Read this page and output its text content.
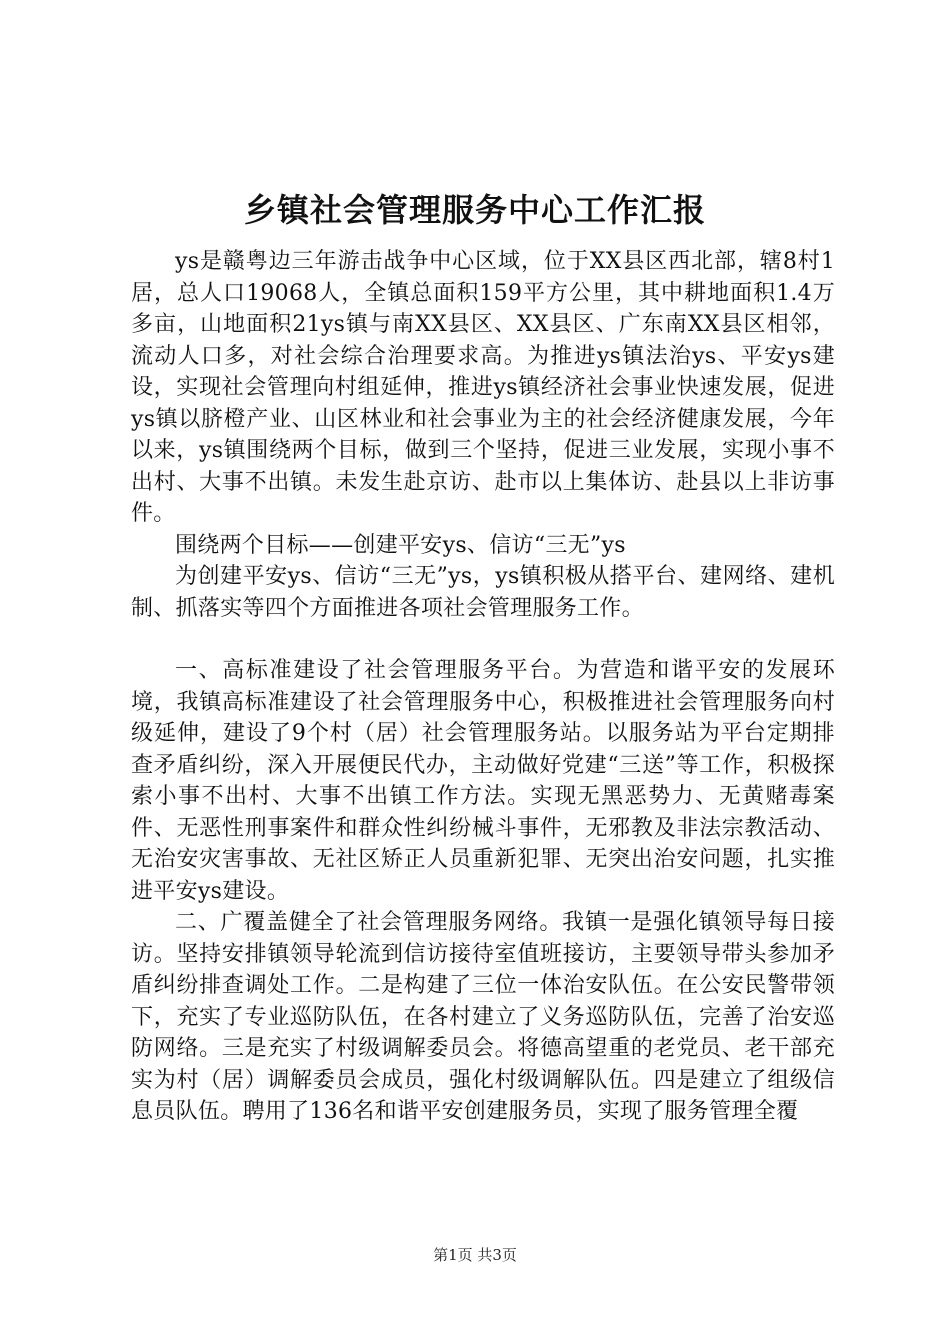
乡镇社会管理服务中心工作汇报

ys是赣粤边三年游击战争中心区域，位于XX县区西北部，辖8村1居，总人口19068人，全镇总面积159平方公里，其中耕地面积1.4万多亩，山地面积21ys镇与南XX县区、XX县区、广东南XX县区相邻，流动人口多，对社会综合治理要求高。为推进ys镇法治ys、平安ys建设，实现社会管理向村组延伸，推进ys镇经济社会事业快速发展，促进ys镇以脐橙产业、山区林业和社会事业为主的社会经济健康发展，今年以来，ys镇围绕两个目标，做到三个坚持，促进三业发展，实现小事不出村、大事不出镇。未发生赴京访、赴市以上集体访、赴县以上非访事件。

围绕两个目标——创建平安ys、信访“三无”ys

为创建平安ys、信访“三无”ys，ys镇积极从搭平台、建网络、建机制、抓落实等四个方面推进各项社会管理服务工作。

一、高标准建设了社会管理服务平台。为营造和谐平安的发展环境，我镇高标准建设了社会管理服务中心，积极推进社会管理服务向村级延伸，建设了9个村（居）社会管理服务站。以服务站为平台定期排查矛盾纠纷，深入开展便民代办，主动做好党建“三送”等工作，积极探索小事不出村、大事不出镇工作方法。实现无黑恶势力、无黄赌毒案件、无恶性刑事案件和群众性纠纷械斗事件，无邪教及非法宗教活动、无治安灾害事故、无社区矫正人员重新犯罪、无突出治安问题，扎实推进平安ys建设。

二、广覆盖健全了社会管理服务网络。我镇一是强化镇领导每日接访。坚持安排镇领导轮流到信访接待室值班接访，主要领导带头参加矛盾纠纷排查调处工作。二是构建了三位一体治安队伍。在公安民警带领下，充实了专业巡防队伍，在各村建立了义务巡防队伍，完善了治安巡防网络。三是充实了村级调解委员会。将德高望重的老党员、老干部充实为村（居）调解委员会成员，强化村级调解队伍。四是建立了组级信息员队伍。聘用了136名和谐平安创建服务员，实现了服务管理全覆

第1页 共3页
